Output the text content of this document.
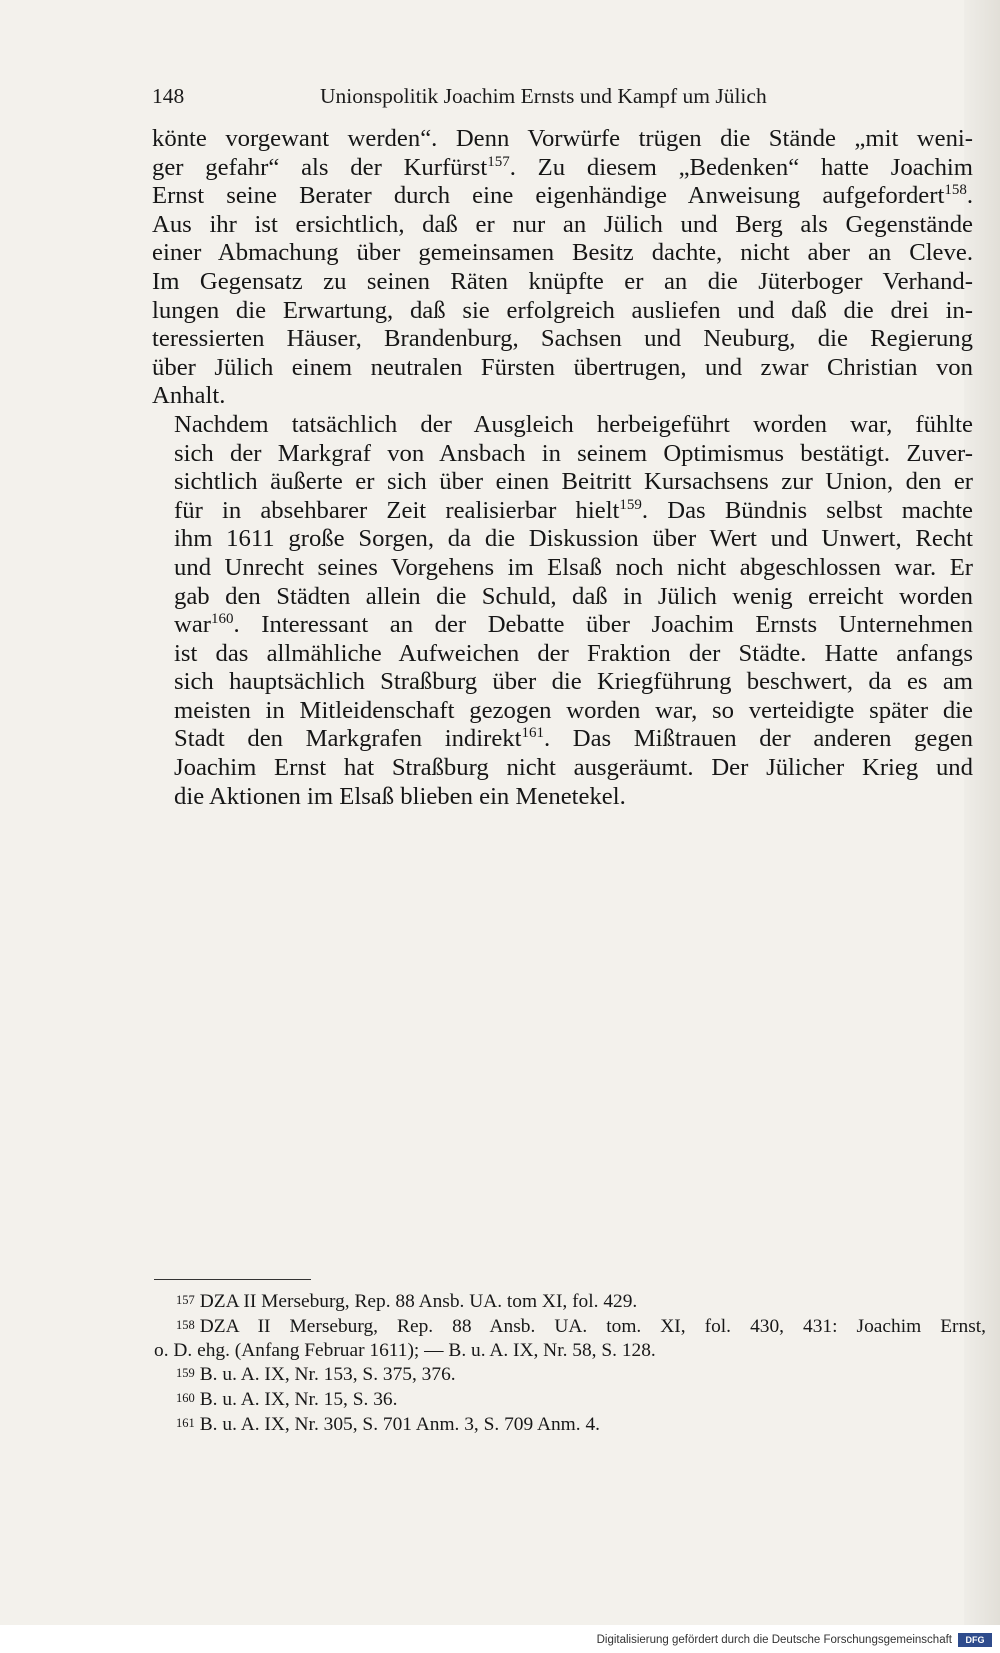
148	Unionspolitik Joachim Ernsts und Kampf um Jülich

könte vorgewant werden“. Denn Vorwürfe trügen die Stände „mit weni-
ger gefahr“ als der Kurfürst$^{157}$. Zu diesem „Bedenken“ hatte Joachim
Ernst seine Berater durch eine eigenhändige Anweisung aufgefordert$^{158}$.
Aus ihr ist ersichtlich, daß er nur an Jülich und Berg als Gegenstände
einer Abmachung über gemeinsamen Besitz dachte, nicht aber an Cleve.
Im Gegensatz zu seinen Räten knüpfte er an die Jüterboger Verhand-
lungen die Erwartung, daß sie erfolgreich ausliefen und daß die drei in-
teressierten Häuser, Brandenburg, Sachsen und Neuburg, die Regierung
über Jülich einem neutralen Fürsten übertrugen, und zwar Christian von
Anhalt.

Nachdem tatsächlich der Ausgleich herbeigeführt worden war, fühlte
sich der Markgraf von Ansbach in seinem Optimismus bestätigt. Zuver-
sichtlich äußerte er sich über einen Beitritt Kursachsens zur Union, den er
für in absehbarer Zeit realisierbar hielt$^{159}$. Das Bündnis selbst machte
ihm 1611 große Sorgen, da die Diskussion über Wert und Unwert, Recht
und Unrecht seines Vorgehens im Elsaß noch nicht abgeschlossen war. Er
gab den Städten allein die Schuld, daß in Jülich wenig erreicht worden
war$^{160}$. Interessant an der Debatte über Joachim Ernsts Unternehmen
ist das allmähliche Aufweichen der Fraktion der Städte. Hatte anfangs
sich hauptsächlich Straßburg über die Kriegführung beschwert, da es am
meisten in Mitleidenschaft gezogen worden war, so verteidigte später die
Stadt den Markgrafen indirekt$^{161}$. Das Mißtrauen der anderen gegen
Joachim Ernst hat Straßburg nicht ausgeräumt. Der Jülicher Krieg und
die Aktionen im Elsaß blieben ein Menetekel.

157 DZA II Merseburg, Rep. 88 Ansb. UA. tom XI, fol. 429.
158 DZA II Merseburg, Rep. 88 Ansb. UA. tom. XI, fol. 430, 431: Joachim Ernst,
o. D. ehg. (Anfang Februar 1611); — B. u. A. IX, Nr. 58, S. 128.
159 B. u. A. IX, Nr. 153, S. 375, 376.
160 B. u. A. IX, Nr. 15, S. 36.
161 B. u. A. IX, Nr. 305, S. 701 Anm. 3, S. 709 Anm. 4.
Digitalisierung gefördert durch die Deutsche Forschungsgemeinschaft	DFG
